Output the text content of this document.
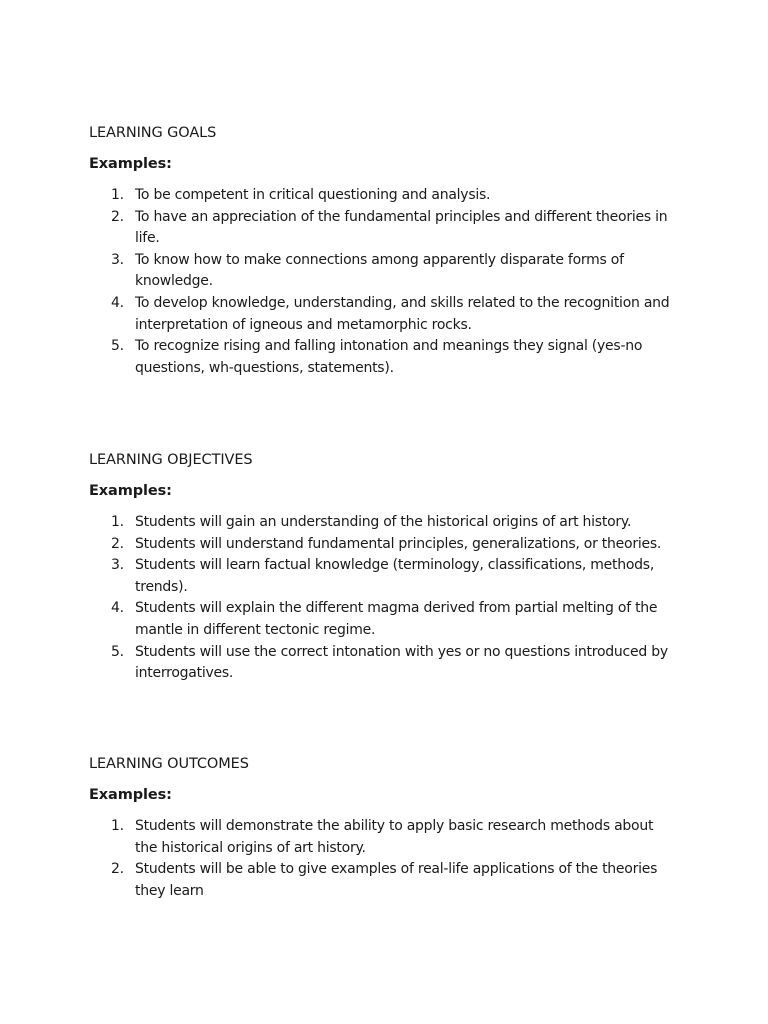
LEARNING GOALS
Examples:
1. To be competent in critical questioning and analysis.
2. To have an appreciation of the fundamental principles and different theories in life.
3. To know how to make connections among apparently disparate forms of knowledge.
4. To develop knowledge, understanding, and skills related to the recognition and interpretation of igneous and metamorphic rocks.
5. To recognize rising and falling intonation and meanings they signal (yes-no questions, wh-questions, statements).
LEARNING OBJECTIVES
Examples:
1. Students will gain an understanding of the historical origins of art history.
2. Students will understand fundamental principles, generalizations, or theories.
3. Students will learn factual knowledge (terminology, classifications, methods, trends).
4. Students will explain the different magma derived from partial melting of the mantle in different tectonic regime.
5. Students will use the correct intonation with yes or no questions introduced by interrogatives.
LEARNING OUTCOMES
Examples:
1. Students will demonstrate the ability to apply basic research methods about the historical origins of art history.
2. Students will be able to give examples of real-life applications of the theories they learn
